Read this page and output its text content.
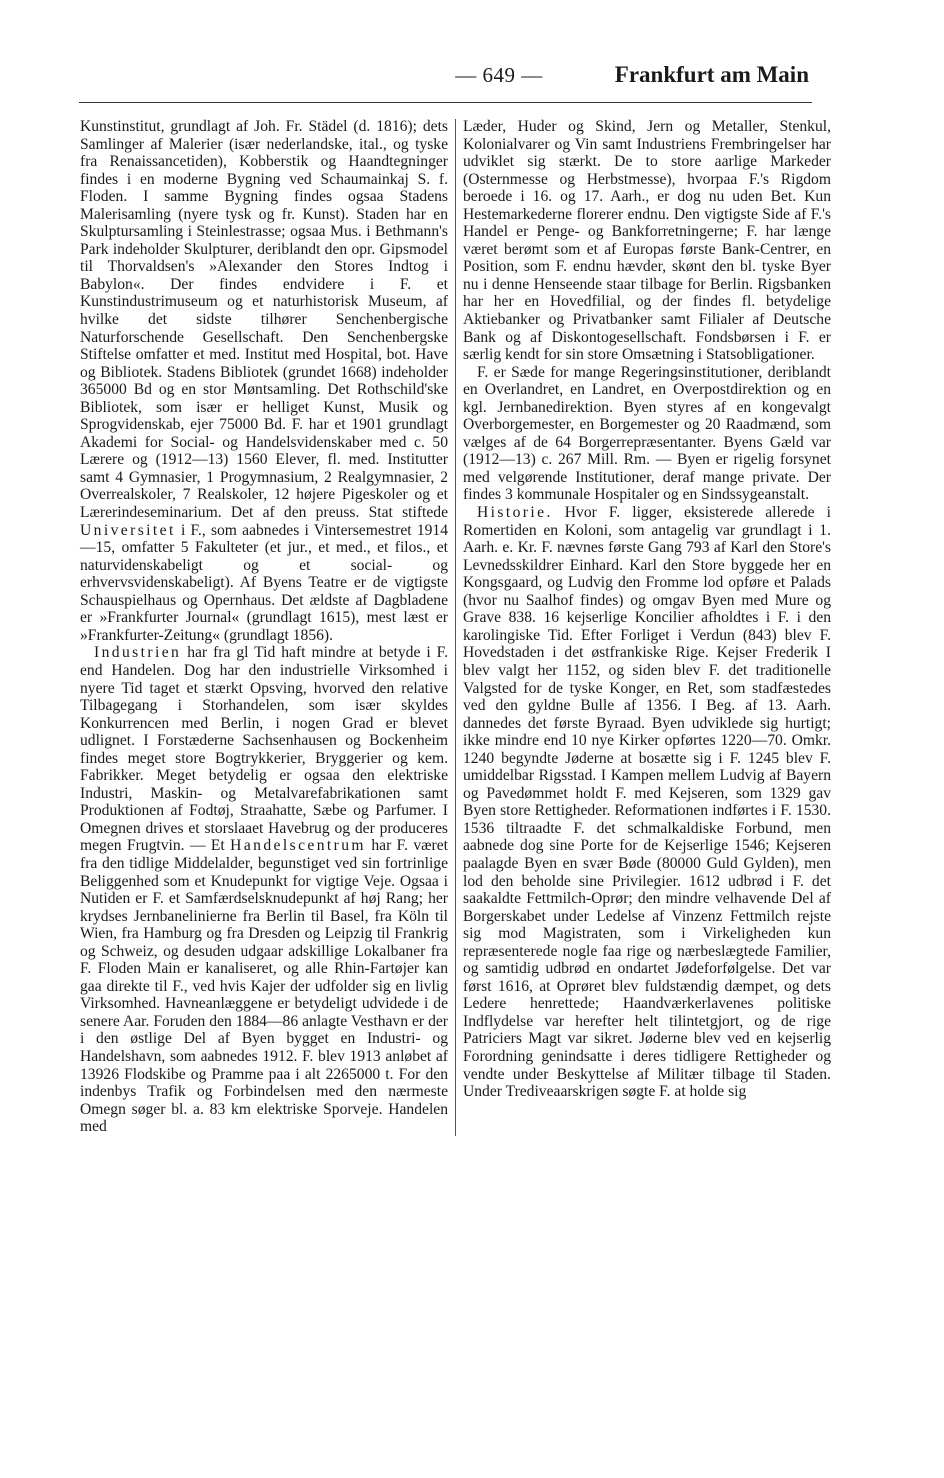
— 649 —	Frankfurt am Main

Kunstinstitut, grundlagt af Joh. Fr. Städel (d. 1816); dets Samlinger af Malerier (især nederlandske, ital., og tyske fra Renaissancetiden), Kobberstik og Haandtegninger findes i en moderne Bygning ved Schaumainkaj S. f. Floden. I samme Bygning findes ogsaa Stadens Malerisamling (nyere tysk og fr. Kunst). Staden har en Skulptursamling i Steinlestrasse; ogsaa Mus. i Bethmann's Park indeholder Skulpturer, deriblandt den opr. Gipsmodel til Thorvaldsen's »Alexander den Stores Indtog i Babylon«. Der findes endvidere i F. et Kunstindustrimuseum og et naturhistorisk Museum, af hvilke det sidste tilhører Senchenbergische Naturforschende Gesellschaft. Den Senchenbergske Stiftelse omfatter et med. Institut med Hospital, bot. Have og Bibliotek. Stadens Bibliotek (grundet 1668) indeholder 365000 Bd og en stor Møntsamling. Det Rothschild'ske Bibliotek, som især er helliget Kunst, Musik og Sprogvidenskab, ejer 75000 Bd. F. har et 1901 grundlagt Akademi for Social- og Handelsvidenskaber med c. 50 Lærere og (1912—13) 1560 Elever, fl. med. Institutter samt 4 Gymnasier, 1 Progymnasium, 2 Realgymnasier, 2 Overrealskoler, 7 Realskoler, 12 højere Pigeskoler og et Lærerindeseminarium. Det af den preuss. Stat stiftede Universitet i F., som aabnedes i Vintersemestret 1914—15, omfatter 5 Fakulteter (et jur., et med., et filos., et naturvidenskabeligt og et social- og erhvervsvidenskabeligt). Af Byens Teatre er de vigtigste Schauspielhaus og Opernhaus. Det ældste af Dagbladene er »Frankfurter Journal« (grundlagt 1615), mest læst er »Frankfurter-Zeitung« (grundlagt 1856).

Industrien har fra gl Tid haft mindre at betyde i F. end Handelen. Dog har den industrielle Virksomhed i nyere Tid taget et stærkt Opsving, hvorved den relative Tilbagegang i Storhandelen, som især skyldes Konkurrencen med Berlin, i nogen Grad er blevet udlignet. I Forstæderne Sachsenhausen og Bockenheim findes meget store Bogtrykkerier, Bryggerier og kem. Fabrikker. Meget betydelig er ogsaa den elektriske Industri, Maskin- og Metalvarefabrikationen samt Produktionen af Fodtøj, Straahatte, Sæbe og Parfumer. I Omegnen drives et storslaaet Havebrug og der produceres megen Frugtvin. — Et Handelscentrum har F. været fra den tidlige Middelalder, begunstiget ved sin fortrinlige Beliggenhed som et Knudepunkt for vigtige Veje. Ogsaa i Nutiden er F. et Samfærdselsknudepunkt af høj Rang; her krydses Jernbanelinierne fra Berlin til Basel, fra Köln til Wien, fra Hamburg og fra Dresden og Leipzig til Frankrig og Schweiz, og desuden udgaar adskillige Lokalbaner fra F. Floden Main er kanaliseret, og alle Rhin-Fartøjer kan gaa direkte til F., ved hvis Kajer der udfolder sig en livlig Virksomhed. Havneanlæggene er betydeligt udvidede i de senere Aar. Foruden den 1884—86 anlagte Vesthavn er der i den østlige Del af Byen bygget en Industri- og Handelshavn, som aabnedes 1912. F. blev 1913 anløbet af 13926 Flodskibe og Pramme paa i alt 2265000 t. For den indenbys Trafik og Forbindelsen med den nærmeste Omegn søger bl. a. 83 km elektriske Sporveje. Handelen med

Læder, Huder og Skind, Jern og Metaller, Stenkul, Kolonialvarer og Vin samt Industriens Frembringelser har udviklet sig stærkt. De to store aarlige Markeder (Osternmesse og Herbstmesse), hvorpaa F.'s Rigdom beroede i 16. og 17. Aarh., er dog nu uden Bet. Kun Hestemarkederne florerer endnu. Den vigtigste Side af F.'s Handel er Penge- og Bankforretningerne; F. har længe været berømt som et af Europas første Bank-Centrer, en Position, som F. endnu hævder, skønt den bl. tyske Byer nu i denne Henseende staar tilbage for Berlin. Rigsbanken har her en Hovedfilial, og der findes fl. betydelige Aktiebanker og Privatbanker samt Filialer af Deutsche Bank og af Diskontogesellschaft. Fondsbørsen i F. er særlig kendt for sin store Omsætning i Statsobligationer.

F. er Sæde for mange Regeringsinstitutioner, deriblandt en Overlandret, en Landret, en Overpostdirektion og en kgl. Jernbanedirektion. Byen styres af en kongevalgt Overborgemester, en Borgemester og 20 Raadmænd, som vælges af de 64 Borgerrepræsentanter. Byens Gæld var (1912—13) c. 267 Mill. Rm. — Byen er rigelig forsynet med velgørende Institutioner, deraf mange private. Der findes 3 kommunale Hospitaler og en Sindssygeanstalt.

Historie. Hvor F. ligger, eksisterede allerede i Romertiden en Koloni, som antagelig var grundlagt i 1. Aarh. e. Kr. F. nævnes første Gang 793 af Karl den Store's Levnedsskildrer Einhard. Karl den Store byggede her en Kongsgaard, og Ludvig den Fromme lod opføre et Palads (hvor nu Saalhof findes) og omgav Byen med Mure og Grave 838. 16 kejserlige Koncilier afholdtes i F. i den karolingiske Tid. Efter Forliget i Verdun (843) blev F. Hovedstaden i det østfrankiske Rige. Kejser Frederik I blev valgt her 1152, og siden blev F. det traditionelle Valgsted for de tyske Konger, en Ret, som stadfæstedes ved den gyldne Bulle af 1356. I Beg. af 13. Aarh. dannedes det første Byraad. Byen udviklede sig hurtigt; ikke mindre end 10 nye Kirker opførtes 1220—70. Omkr. 1240 begyndte Jøderne at bosætte sig i F. 1245 blev F. umiddelbar Rigsstad. I Kampen mellem Ludvig af Bayern og Pavedømmet holdt F. med Kejseren, som 1329 gav Byen store Rettigheder. Reformationen indførtes i F. 1530. 1536 tiltraadte F. det schmalkaldiske Forbund, men aabnede dog sine Porte for de Kejserlige 1546; Kejseren paalagde Byen en svær Bøde (80000 Guld Gylden), men lod den beholde sine Privilegier. 1612 udbrød i F. det saakaldte Fettmilch-Oprør; den mindre velhavende Del af Borgerskabet under Ledelse af Vinzenz Fettmilch rejste sig mod Magistraten, som i Virkeligheden kun repræsenterede nogle faa rige og nærbeslægtede Familier, og samtidig udbrød en ondartet Jødeforfølgelse. Det var først 1616, at Oprøret blev fuldstændig dæmpet, og dets Ledere henrettede; Haandværkerlavenes politiske Indflydelse var herefter helt tilintetgjort, og de rige Patriciers Magt var sikret. Jøderne blev ved en kejserlig Forordning genindsatte i deres tidligere Rettigheder og vendte under Beskyttelse af Militær tilbage til Staden. Under Trediveaarskrigen søgte F. at holde sig
